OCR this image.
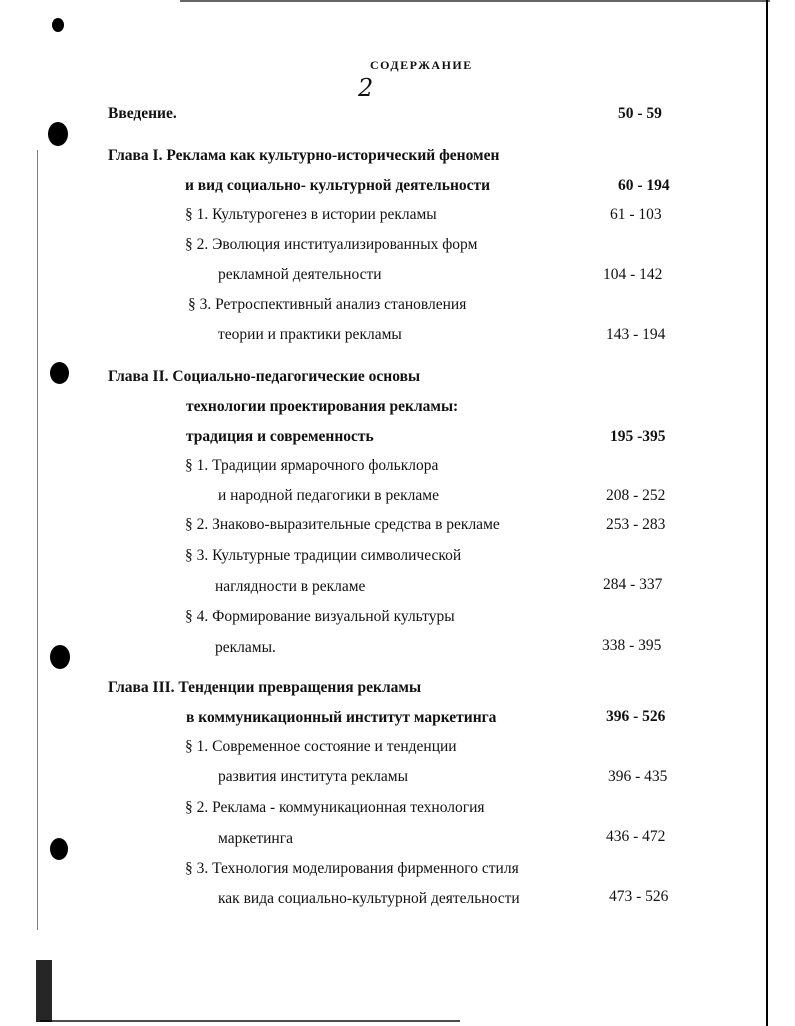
СОДЕРЖАНИЕ
2
Введение.	50 - 59
Глава I. Реклама как культурно-исторический феномен
и вид социально- культурной деятельности	60 - 194
§ 1. Культурогенез в истории рекламы	61 - 103
§ 2. Эволюция институализированных форм
рекламной деятельности	104 - 142
§ 3. Ретроспективный анализ становления
теории и практики рекламы	143 - 194
Глава II. Социально-педагогические основы
технологии проектирования рекламы:
традиция и современность	195 -395
§ 1. Традиции ярмарочного фольклора
и народной педагогики в рекламе	208 - 252
§ 2. Знаково-выразительные средства в рекламе	253 - 283
§ 3. Культурные традиции символической
наглядности в рекламе	284 - 337
§ 4. Формирование визуальной культуры
рекламы.	338 - 395
Глава III. Тенденции превращения рекламы
в коммуникационный институт маркетинга	396 - 526
§ 1. Современное состояние и тенденции
развития института рекламы	396 - 435
§ 2. Реклама - коммуникационная технология
маркетинга	436 - 472
§ 3. Технология моделирования фирменного стиля
как вида социально-культурной деятельности	473 - 526
